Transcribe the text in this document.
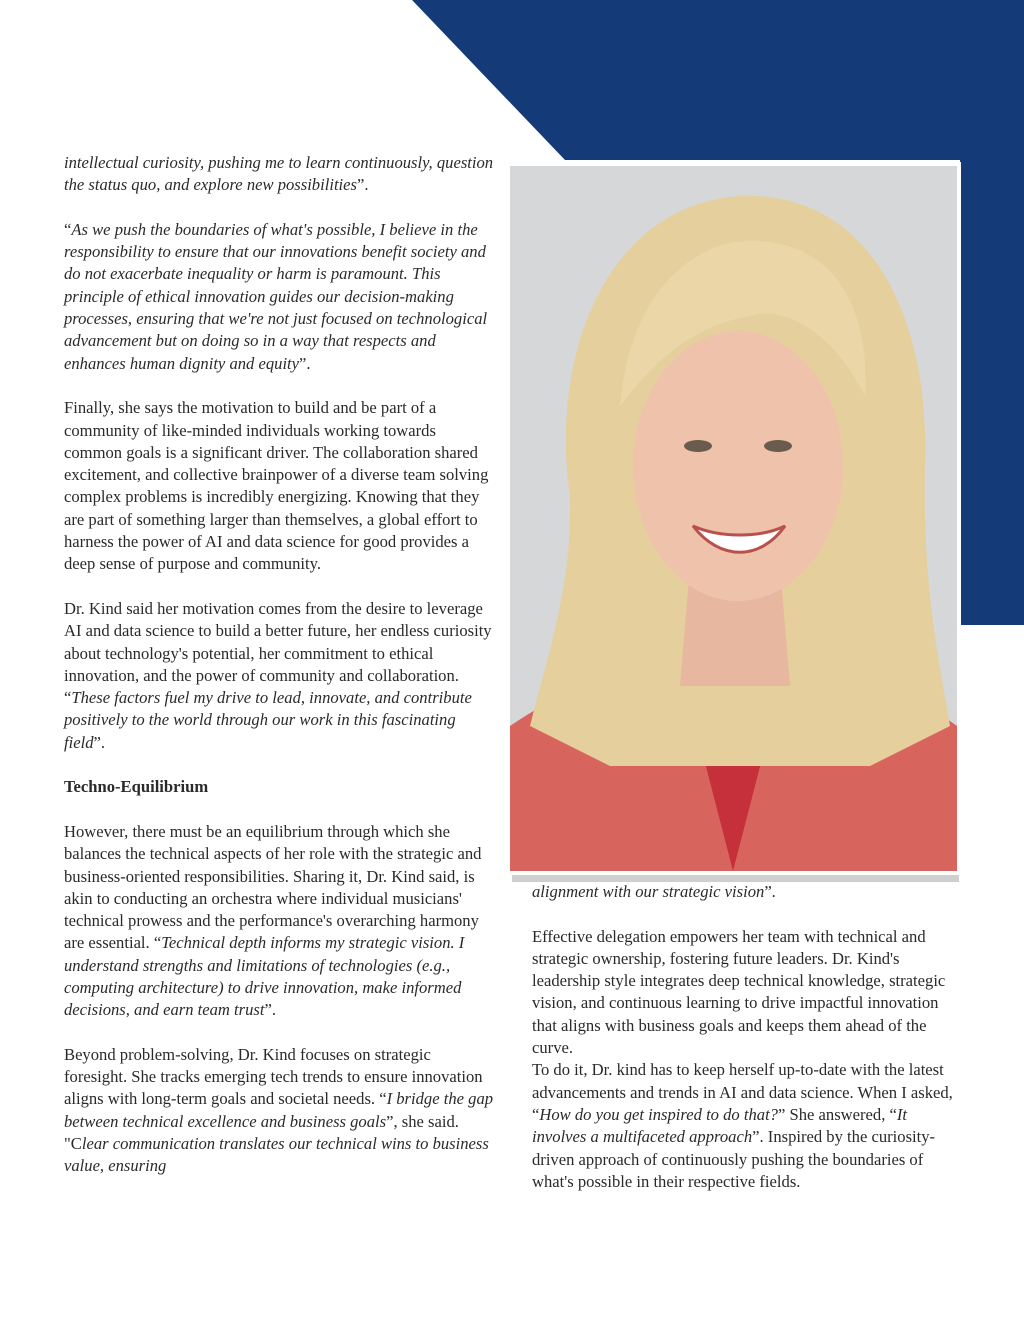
intellectual curiosity, pushing me to learn continuously, question the status quo, and explore new possibilities”.

“As we push the boundaries of what's possible, I believe in the responsibility to ensure that our innovations benefit society and do not exacerbate inequality or harm is paramount. This principle of ethical innovation guides our decision-making processes, ensuring that we're not just focused on technological advancement but on doing so in a way that respects and enhances human dignity and equity”.

Finally, she says the motivation to build and be part of a community of like-minded individuals working towards common goals is a significant driver. The collaboration shared excitement, and collective brainpower of a diverse team solving complex problems is incredibly energizing. Knowing that they are part of something larger than themselves, a global effort to harness the power of AI and data science for good provides a deep sense of purpose and community.

Dr. Kind said her motivation comes from the desire to leverage AI and data science to build a better future, her endless curiosity about technology's potential, her commitment to ethical innovation, and the power of community and collaboration. “These factors fuel my drive to lead, innovate, and contribute positively to the world through our work in this fascinating field”.

Techno-Equilibrium

However, there must be an equilibrium through which she balances the technical aspects of her role with the strategic and business-oriented responsibilities. Sharing it, Dr. Kind said, is akin to conducting an orchestra where individual musicians' technical prowess and the performance's overarching harmony are essential. “Technical depth informs my strategic vision. I understand strengths and limitations of technologies (e.g., computing architecture) to drive innovation, make informed decisions, and earn team trust”.

Beyond problem-solving, Dr. Kind focuses on strategic foresight. She tracks emerging tech trends to ensure innovation aligns with long-term goals and societal needs. “I bridge the gap between technical excellence and business goals”, she said. "Clear communication translates our technical wins to business value, ensuring

alignment with our strategic vision”.

Effective delegation empowers her team with technical and strategic ownership, fostering future leaders. Dr. Kind's leadership style integrates deep technical knowledge, strategic vision, and continuous learning to drive impactful innovation that aligns with business goals and keeps them ahead of the curve.

To do it, Dr. kind has to keep herself up-to-date with the latest advancements and trends in AI and data science. When I asked, “How do you get inspired to do that?” She answered, “It involves a multifaceted approach”. Inspired by the curiosity-driven approach of continuously pushing the boundaries of what's possible in their respective fields.
